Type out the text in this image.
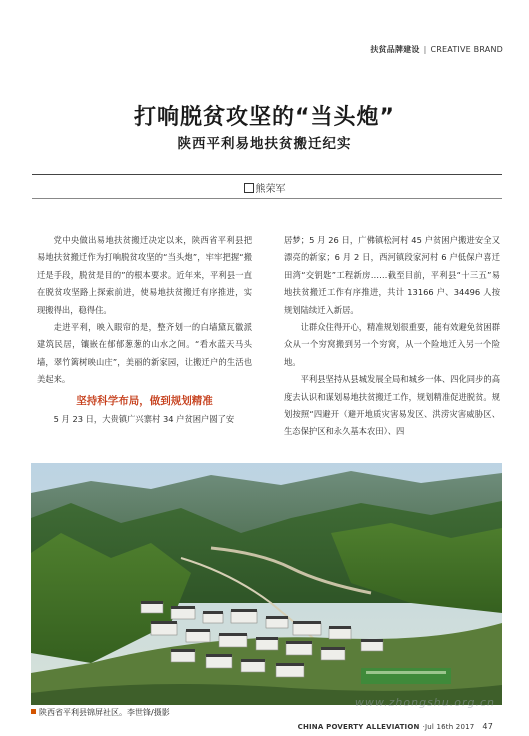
扶贫品牌建设 | CREATIVE BRAND
打响脱贫攻坚的“当头炮”
陕西平利易地扶贫搬迁纪实
熊荣军

党中央做出易地扶贫搬迁决定以来，陕西省平利县把易地扶贫搬迁作为打响脱贫攻坚的“当头炮”，牢牢把握“搬迁是手段，脱贫是目的”的根本要求。近年来，平利县一直在脱贫攻坚路上探索前进，使易地扶贫搬迁有序推进，实现搬得出，稳得住。

走进平利，映入眼帘的是，整齐划一的白墙黛瓦徽派建筑民居，镶嵌在郁郁葱葱的山水之间。“看水蓝天马头墙，翠竹篱树映山庄”，美丽的新家园，让搬迁户的生活也美起来。

坚持科学布局，做到规划精准

5 月 23 日，大贵镇广兴寨村 34 户贫困户圆了安

居梦；5 月 26 日，广佛镇松河村 45 户贫困户搬进安全又漂亮的新家；6 月 2 日，西河镇段家河村 6 户低保户喜迁田湾“交钥匙”工程新房……截至目前，平利县“十三五”易地扶贫搬迁工作有序推进，共计 13166 户、34496 人按规划陆续迁入新居。

让群众住得开心，精准规划很重要，能有效避免贫困群众从一个穷窝搬到另一个穷窝，从一个险地迁入另一个险地。

平利县坚持从县城发展全局和城乡一体、四化同步的高度去认识和谋划易地扶贫搬迁工作，规划精准促进脱贫。规划按照“四避开（避开地质灾害易发区、洪涝灾害威胁区、生态保护区和永久基本农田）、四

陕西省平利县锦屏社区。李世锋/摄影
www.zhongshu.org.cn
CHINA POVERTY ALLEVIATION ·Jul 16th 2017 47
